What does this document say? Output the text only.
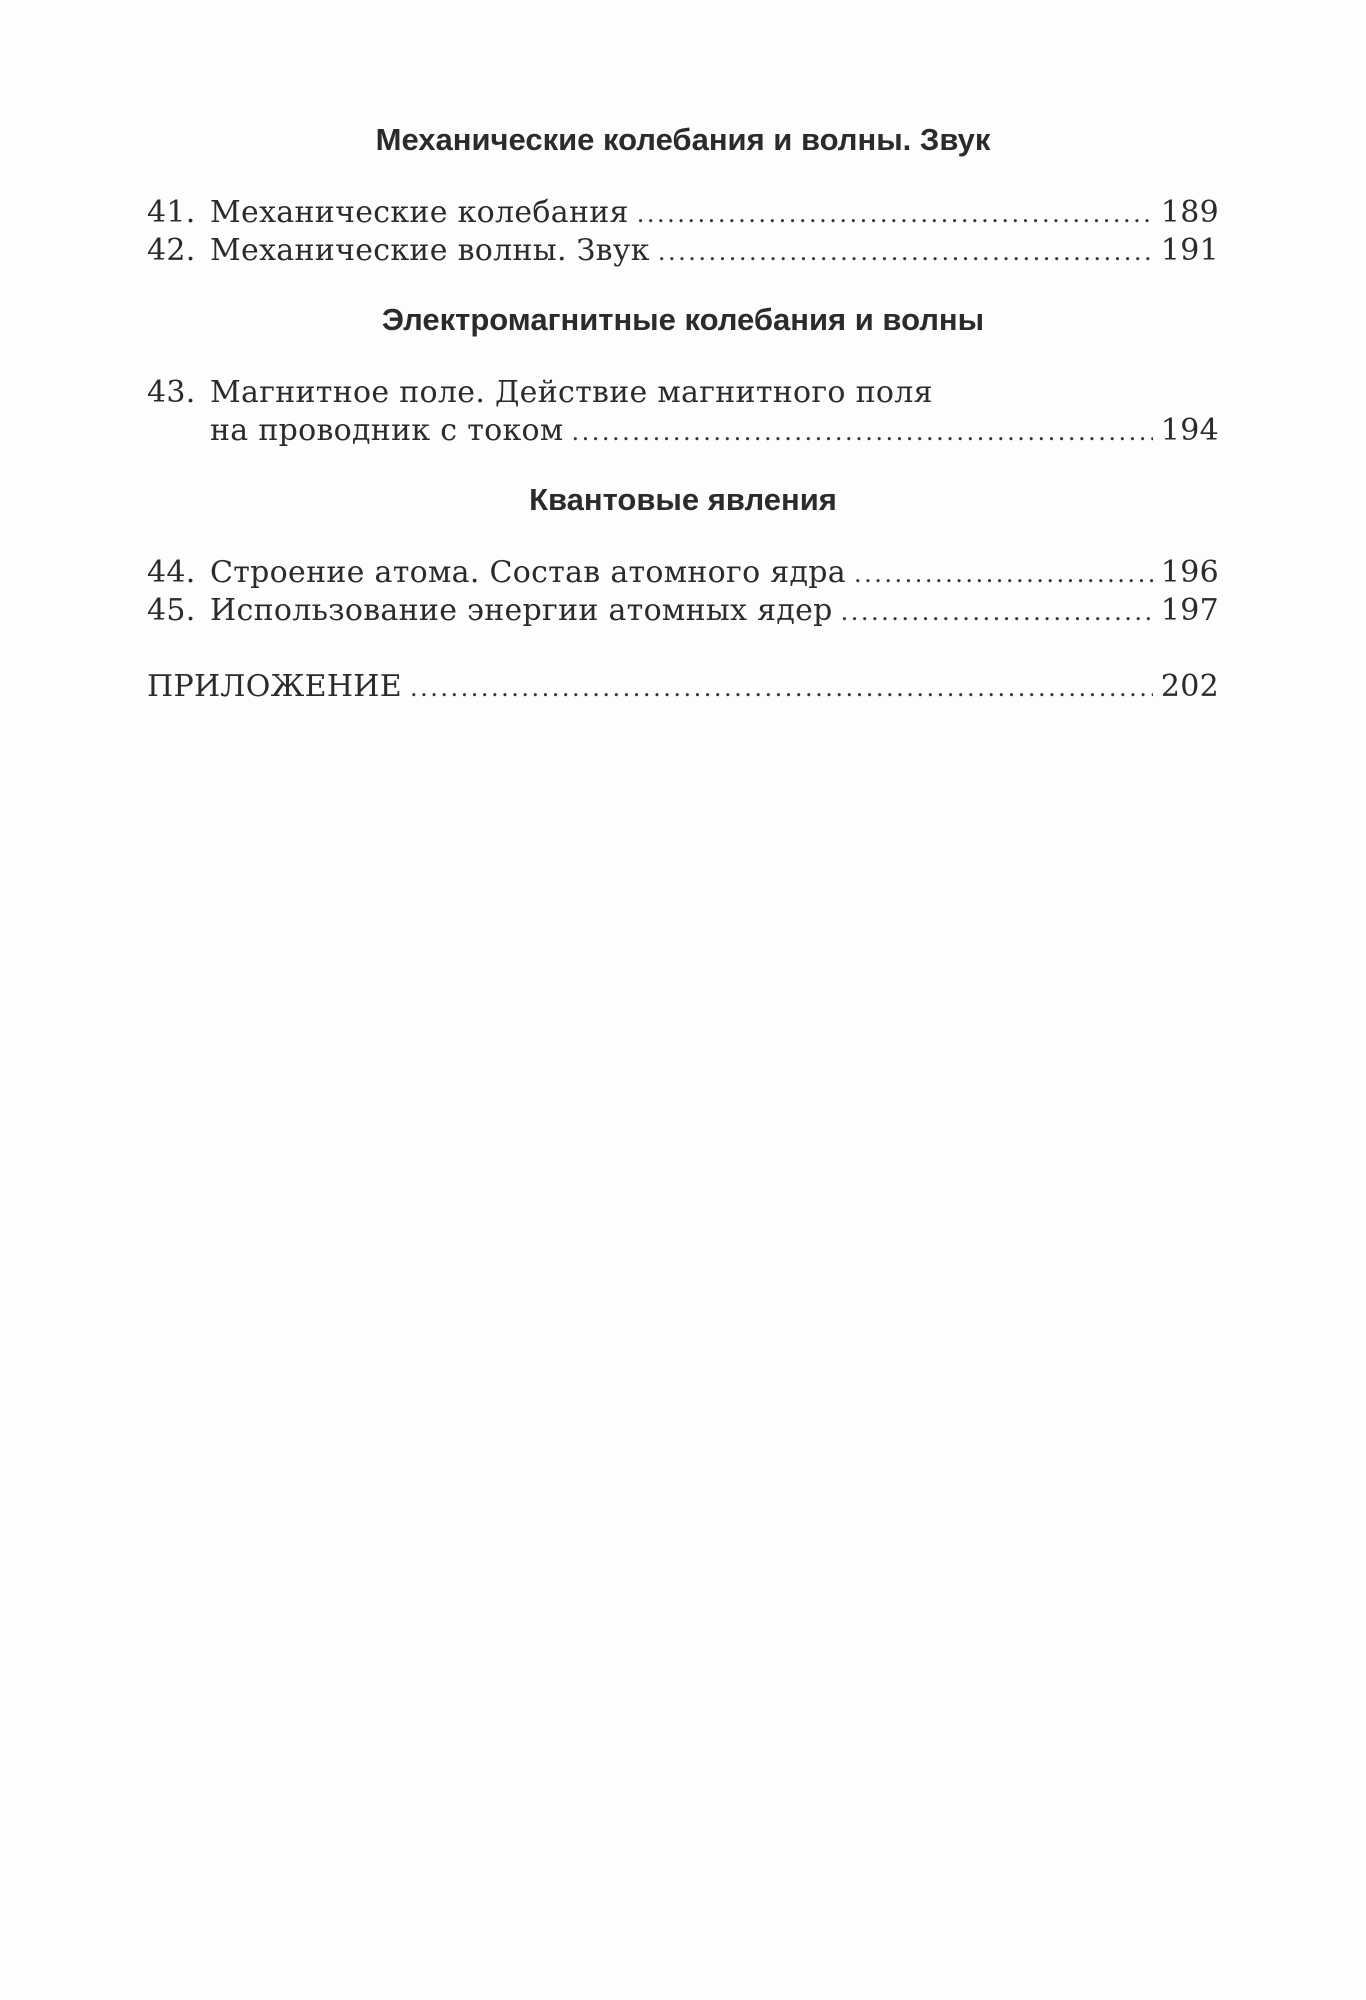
Механические колебания и волны. Звук
41. Механические колебания .....	189
42. Механические волны. Звук .....	191
Электромагнитные колебания и волны
43. Магнитное поле. Действие магнитного поля
на проводник с током .....	194
Квантовые явления
44. Строение атома. Состав атомного ядра .....	196
45. Использование энергии атомных ядер .....	197
ПРИЛОЖЕНИЕ .....	202
